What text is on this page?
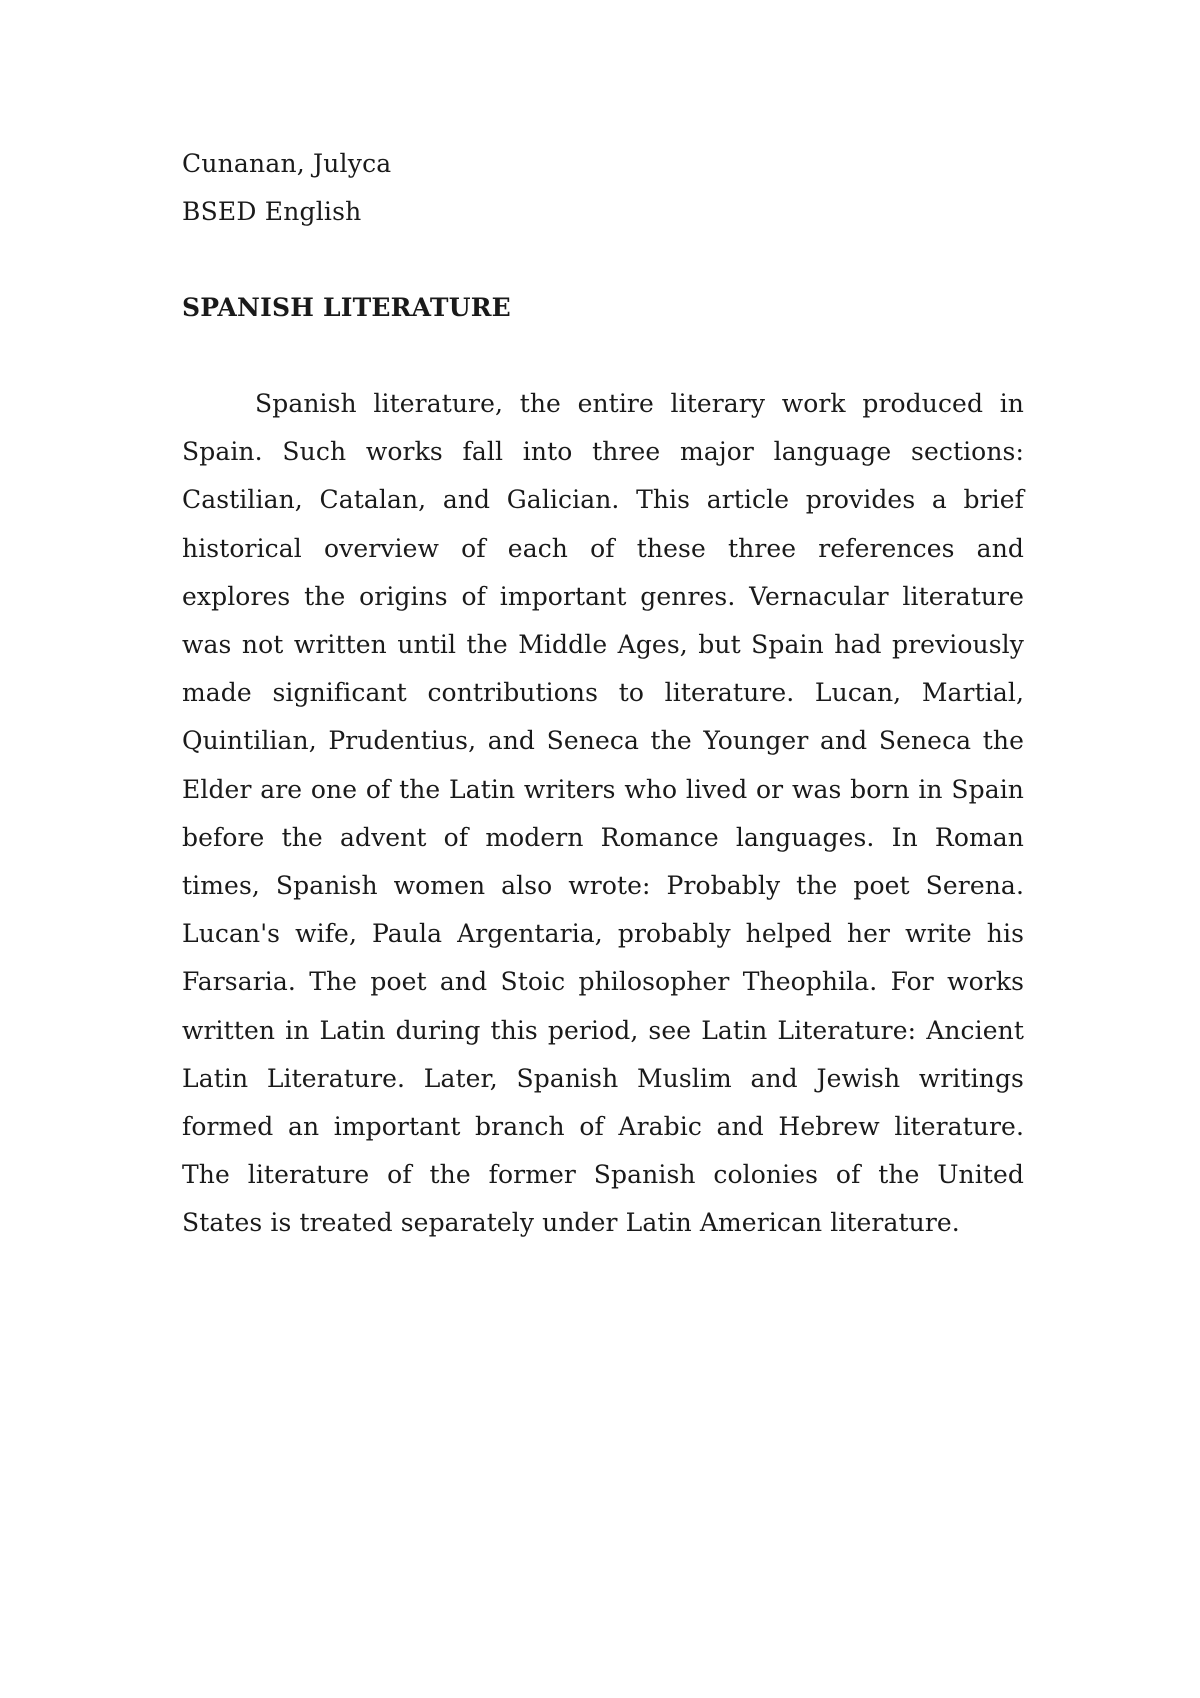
Cunanan, Julyca

BSED English

SPANISH LITERATURE

Spanish literature, the entire literary work produced in Spain. Such works fall into three major language sections: Castilian, Catalan, and Galician. This article provides a brief historical overview of each of these three references and explores the origins of important genres. Vernacular literature was not written until the Middle Ages, but Spain had previously made significant contributions to literature. Lucan, Martial, Quintilian, Prudentius, and Seneca the Younger and Seneca the Elder are one of the Latin writers who lived or was born in Spain before the advent of modern Romance languages. In Roman times, Spanish women also wrote: Probably the poet Serena. Lucan's wife, Paula Argentaria, probably helped her write his Farsaria. The poet and Stoic philosopher Theophila. For works written in Latin during this period, see Latin Literature: Ancient Latin Literature. Later, Spanish Muslim and Jewish writings formed an important branch of Arabic and Hebrew literature. The literature of the former Spanish colonies of the United States is treated separately under Latin American literature.
